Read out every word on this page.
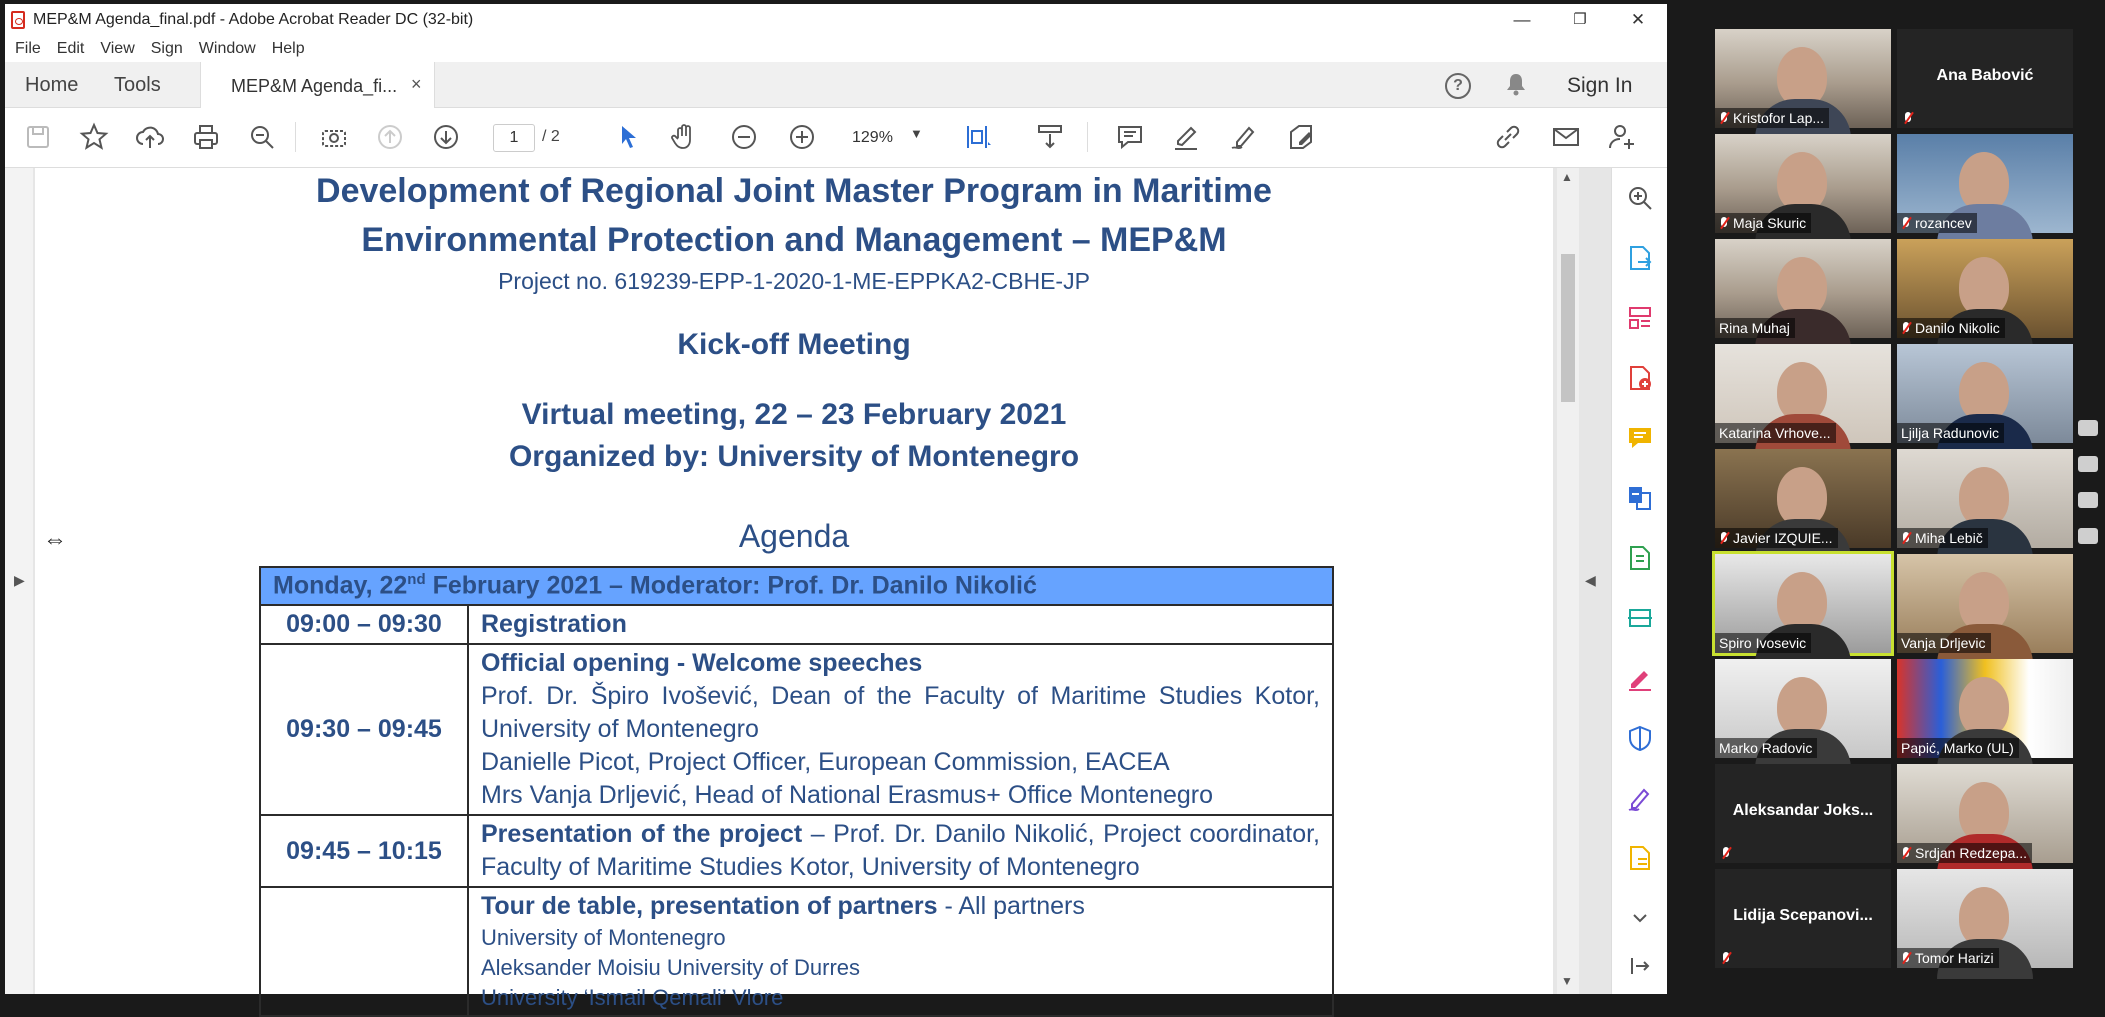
MEP&M Agenda_final.pdf - Adobe Acrobat Reader DC (32-bit)	—	❐	✕
File Edit View Sign Window Help
Home Tools	MEP&M Agenda_fi... ×	?	Sign In
1	/ 2	129%	▼
▶
Development of Regional Joint Master Program in Maritime
Environmental Protection and Management – MEP&M
Project no. 619239-EPP-1-2020-1-ME-EPPKA2-CBHE-JP
Kick-off Meeting
Virtual meeting, 22 – 23 February 2021
Organized by: University of Montenegro
Agenda
⇔
Monday, 22nd February 2021 – Moderator: Prof. Dr. Danilo Nikolić	
09:00 – 09:30	Registration
09:30 – 09:45	Official opening - Welcome speeches
Prof. Dr. Špiro Ivošević, Dean of the Faculty of Maritime Studies Kotor, University of Montenegro
Danielle Picot, Project Officer, European Commission, EACEA
Mrs Vanja Drljević, Head of National Erasmus+ Office Montenegro

09:45 – 10:15	Presentation of the project – Prof. Dr. Danilo Nikolić, Project coordinator, Faculty of Maritime Studies Kotor, University of Montenegro

	Tour de table, presentation of partners - All partners
University of Montenegro
Aleksander Moisiu University of Durres
University ‘Ismail Qemali’ Vlore
▲
▼
◀
Kristofor Lap...
Ana Babović
Maja Skuric	rozancev
Rina Muhaj	Danilo Nikolic
Katarina Vrhove...	Ljilja Radunovic
Javier IZQUIE...	Miha Lebič
Spiro Ivosevic	Vanja Drljevic
Marko Radovic	Papić, Marko (UL)
Aleksandar Joks...
Srdjan Redzepa...
Lidija Scepanovi...
Tomor Harizi
